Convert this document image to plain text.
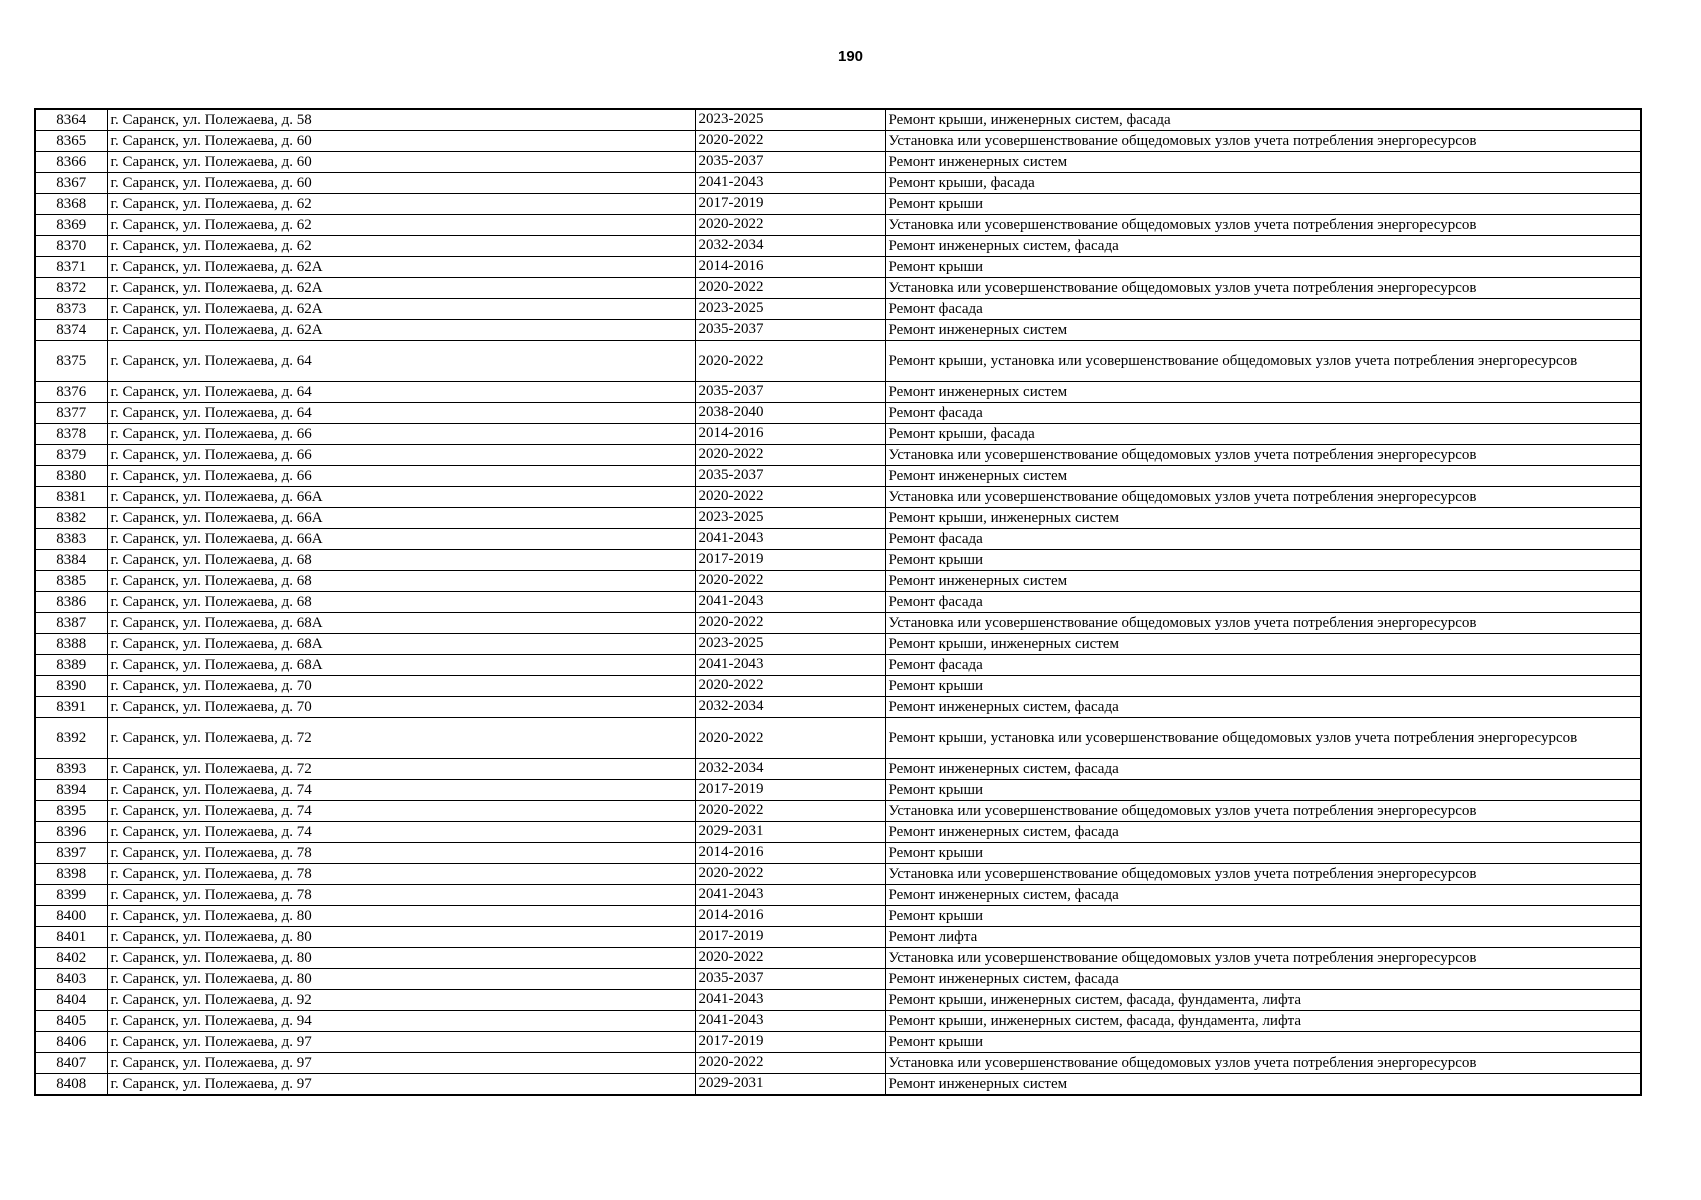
190
8364	г. Саранск, ул. Полежаева, д. 58	2023-2025	Ремонт крыши, инженерных систем, фасада
8365	г. Саранск, ул. Полежаева, д. 60	2020-2022	Установка или усовершенствование общедомовых узлов учета потребления энергоресурсов
8366	г. Саранск, ул. Полежаева, д. 60	2035-2037	Ремонт инженерных систем
8367	г. Саранск, ул. Полежаева, д. 60	2041-2043	Ремонт крыши, фасада
8368	г. Саранск, ул. Полежаева, д. 62	2017-2019	Ремонт крыши
8369	г. Саранск, ул. Полежаева, д. 62	2020-2022	Установка или усовершенствование общедомовых узлов учета потребления энергоресурсов
8370	г. Саранск, ул. Полежаева, д. 62	2032-2034	Ремонт инженерных систем, фасада
8371	г. Саранск, ул. Полежаева, д. 62А	2014-2016	Ремонт крыши
8372	г. Саранск, ул. Полежаева, д. 62А	2020-2022	Установка или усовершенствование общедомовых узлов учета потребления энергоресурсов
8373	г. Саранск, ул. Полежаева, д. 62А	2023-2025	Ремонт фасада
8374	г. Саранск, ул. Полежаева, д. 62А	2035-2037	Ремонт инженерных систем
8375	г. Саранск, ул. Полежаева, д. 64	2020-2022	Ремонт крыши, установка или усовершенствование общедомовых узлов учета потребления энергоресурсов
8376	г. Саранск, ул. Полежаева, д. 64	2035-2037	Ремонт инженерных систем
8377	г. Саранск, ул. Полежаева, д. 64	2038-2040	Ремонт фасада
8378	г. Саранск, ул. Полежаева, д. 66	2014-2016	Ремонт крыши, фасада
8379	г. Саранск, ул. Полежаева, д. 66	2020-2022	Установка или усовершенствование общедомовых узлов учета потребления энергоресурсов
8380	г. Саранск, ул. Полежаева, д. 66	2035-2037	Ремонт инженерных систем
8381	г. Саранск, ул. Полежаева, д. 66А	2020-2022	Установка или усовершенствование общедомовых узлов учета потребления энергоресурсов
8382	г. Саранск, ул. Полежаева, д. 66А	2023-2025	Ремонт крыши, инженерных систем
8383	г. Саранск, ул. Полежаева, д. 66А	2041-2043	Ремонт фасада
8384	г. Саранск, ул. Полежаева, д. 68	2017-2019	Ремонт крыши
8385	г. Саранск, ул. Полежаева, д. 68	2020-2022	Ремонт инженерных систем
8386	г. Саранск, ул. Полежаева, д. 68	2041-2043	Ремонт фасада
8387	г. Саранск, ул. Полежаева, д. 68А	2020-2022	Установка или усовершенствование общедомовых узлов учета потребления энергоресурсов
8388	г. Саранск, ул. Полежаева, д. 68А	2023-2025	Ремонт крыши, инженерных систем
8389	г. Саранск, ул. Полежаева, д. 68А	2041-2043	Ремонт фасада
8390	г. Саранск, ул. Полежаева, д. 70	2020-2022	Ремонт крыши
8391	г. Саранск, ул. Полежаева, д. 70	2032-2034	Ремонт инженерных систем, фасада
8392	г. Саранск, ул. Полежаева, д. 72	2020-2022	Ремонт крыши, установка или усовершенствование общедомовых узлов учета потребления энергоресурсов
8393	г. Саранск, ул. Полежаева, д. 72	2032-2034	Ремонт инженерных систем, фасада
8394	г. Саранск, ул. Полежаева, д. 74	2017-2019	Ремонт крыши
8395	г. Саранск, ул. Полежаева, д. 74	2020-2022	Установка или усовершенствование общедомовых узлов учета потребления энергоресурсов
8396	г. Саранск, ул. Полежаева, д. 74	2029-2031	Ремонт инженерных систем, фасада
8397	г. Саранск, ул. Полежаева, д. 78	2014-2016	Ремонт крыши
8398	г. Саранск, ул. Полежаева, д. 78	2020-2022	Установка или усовершенствование общедомовых узлов учета потребления энергоресурсов
8399	г. Саранск, ул. Полежаева, д. 78	2041-2043	Ремонт инженерных систем, фасада
8400	г. Саранск, ул. Полежаева, д. 80	2014-2016	Ремонт крыши
8401	г. Саранск, ул. Полежаева, д. 80	2017-2019	Ремонт лифта
8402	г. Саранск, ул. Полежаева, д. 80	2020-2022	Установка или усовершенствование общедомовых узлов учета потребления энергоресурсов
8403	г. Саранск, ул. Полежаева, д. 80	2035-2037	Ремонт инженерных систем, фасада
8404	г. Саранск, ул. Полежаева, д. 92	2041-2043	Ремонт крыши, инженерных систем, фасада, фундамента, лифта
8405	г. Саранск, ул. Полежаева, д. 94	2041-2043	Ремонт крыши, инженерных систем, фасада, фундамента, лифта
8406	г. Саранск, ул. Полежаева, д. 97	2017-2019	Ремонт крыши
8407	г. Саранск, ул. Полежаева, д. 97	2020-2022	Установка или усовершенствование общедомовых узлов учета потребления энергоресурсов
8408	г. Саранск, ул. Полежаева, д. 97	2029-2031	Ремонт инженерных систем
